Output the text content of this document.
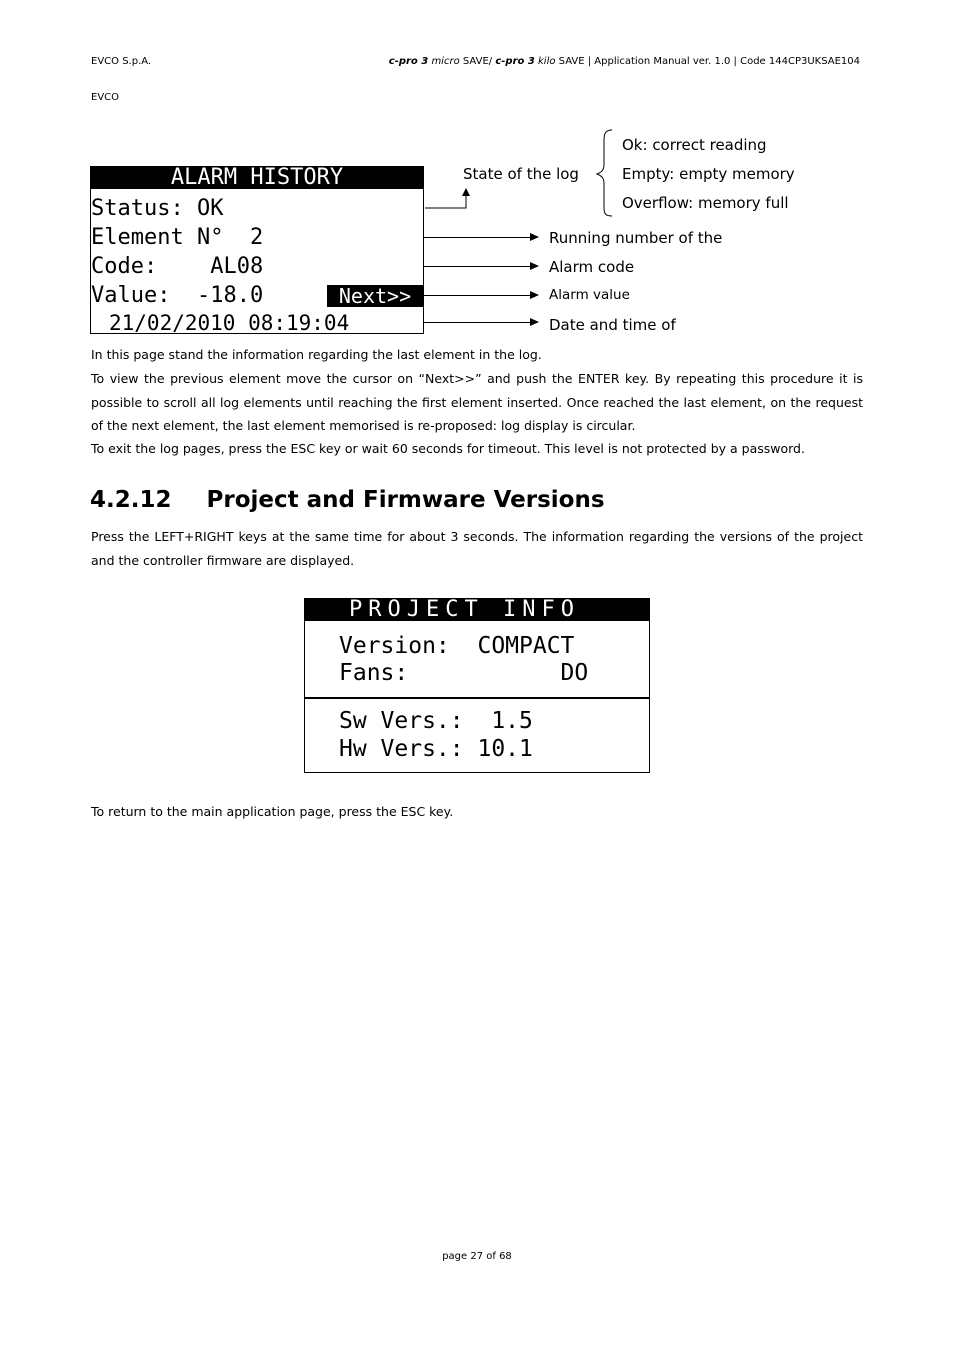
EVCO S.p.A.	c-pro 3 micro SAVE/ c-pro 3 kilo SAVE | Application Manual ver. 1.0 | Code 144CP3UKSAE104
EVCO
ALARM HISTORY
Status: OK
Element N°  2
Code:    AL08
Value:  -18.0	Next>>
21/02/2010 08:19:04
State of the log
Ok: correct reading
Empty: empty memory
Overflow: memory full
Running number of the
Alarm code
Alarm value
Date and time of
In this page stand the information regarding the last element in the log.
To view the previous element move the cursor on “Next>>” and push the ENTER key. By repeating this procedure it is possible to scroll all log elements until reaching the first element inserted. Once reached the last element, on the request of the next element, the last element memorised is re-proposed: log display is circular.
To exit the log pages, press the ESC key or wait 60 seconds for timeout. This level is not protected by a password.
4.2.12 Project and Firmware Versions
Press the LEFT+RIGHT keys at the same time for about 3 seconds. The information regarding the versions of the project and the controller firmware are displayed.
PROJECT INFO
Version:  COMPACT
Fans:           DO
Sw Vers.:  1.5
Hw Vers.: 10.1
To return to the main application page, press the ESC key.
page 27 of 68
